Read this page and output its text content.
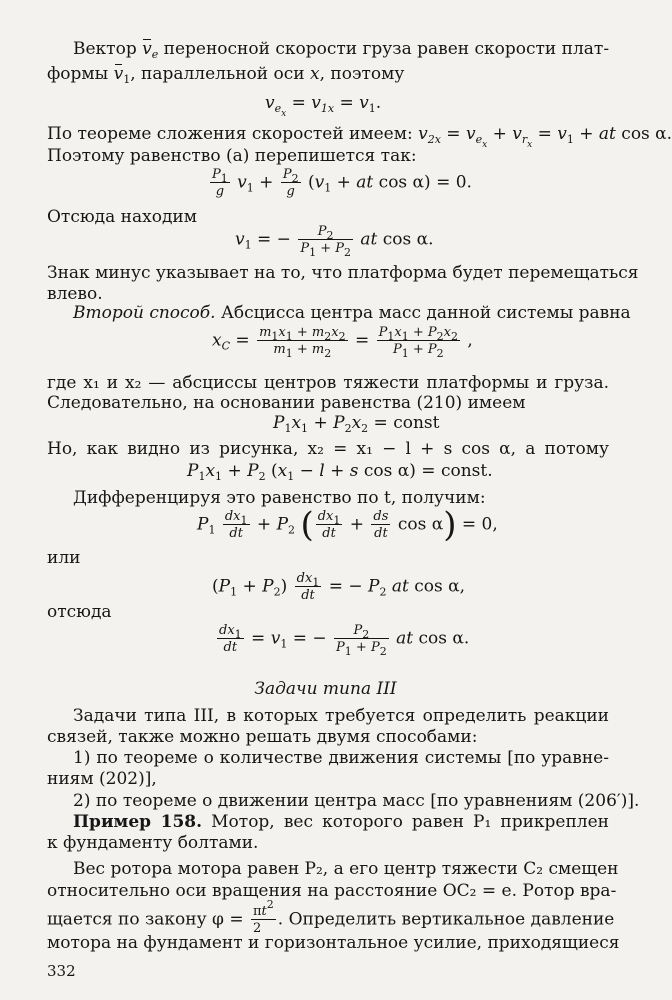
Вектор $v_e$ переносной скорости груза равен скорости плат-
формы $v_1$, параллельной оси x, поэтому
$v_{e_x} = v_{1x} = v_1$.
По теореме сложения скоростей имеем: $v_{2x} = v_{e_x} + v_{r_x} = v_1$ + at cos α.
Поэтому равенство (а) перепишется так:
$\frac{P_1}{g} v_1 + \frac{P_2}{g} (v_1$ + at cos α) = 0.
Отсюда находим
$v_1$ = − $\frac{P_2}{P_1 + P_2}$ at cos α.
Знак минус указывает на то, что платформа будет перемещаться
влево.
Второй способ. Абсцисса центра масс данной системы равна
$x_C = \frac{m_1x_1 + m_2x_2}{m_1 + m_2} = \frac{P_1x_1 + P_2x_2}{P_1 + P_2}$ ,
где x₁ и x₂ — абсциссы центров тяжести платформы и груза.
Следовательно, на основании равенства (210) имеем
$P_1x_1 + P_2x_2$ = const
Но, как видно из рисунка, x₂ = x₁ − l + s cos α, а потому
$P_1x_1 + P_2$ ($x_1 - l + s$ cos α) = const.
Дифференцируя это равенство по t, получим:
$P_1 \frac{dx_1}{dt} + P_2$ ( $\frac{dx_1}{dt} + \frac{ds}{dt}$ cos α) = 0,
или
$(P_1 + P_2) \frac{dx_1}{dt}$ = − $P_2$ at cos α,
отсюда
$\frac{dx_1}{dt} = v_1$ = − $\frac{P_2}{P_1 + P_2}$ at cos α.
Задачи типа III
Задачи типа III, в которых требуется определить реакции
связей, также можно решать двумя способами:
1) по теореме о количестве движения системы [по уравне-
ниям (202)],
2) по теореме о движении центра масс [по уравнениям (206′)].
Пример 158. Мотор, вес которого равен P₁ прикреплен
к фундаменту болтами.
Вес ротора мотора равен P₂, а его центр тяжести C₂ смещен
относительно оси вращения на расстояние OC₂ = e. Ротор вра-
щается по закону $\varphi = \frac{\pi t^2}{2}$ . Определить вертикальное давление
мотора на фундамент и горизонтальное усилие, приходящиеся
332
